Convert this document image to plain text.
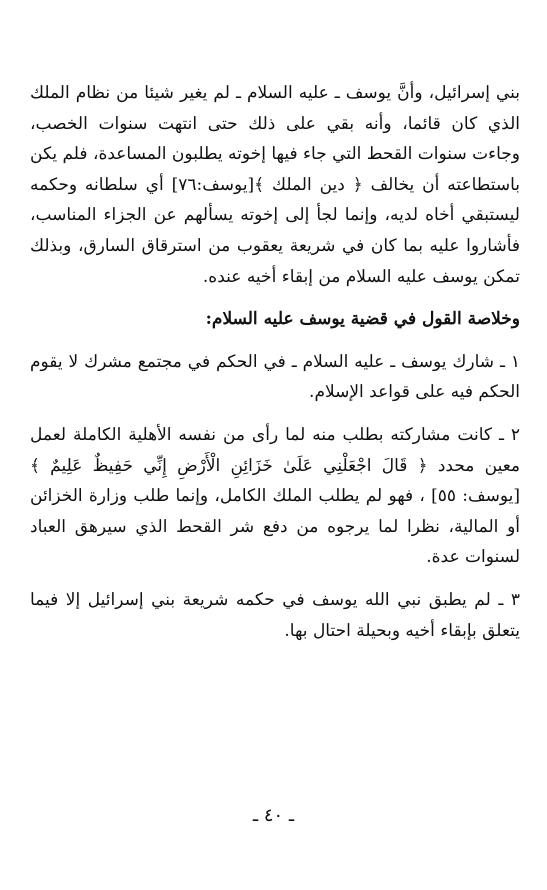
بني إسرائيل، وأنَّ يوسف ـ عليه السلام ـ لم يغير شيئا من نظام الملك الذي كان قائما، وأنه بقي على ذلك حتى انتهت سنوات الخصب، وجاءت سنوات القحط التي جاء فيها إخوته يطلبون المساعدة، فلم يكن باستطاعته أن يخالف ﴿ دين الملك ﴾[يوسف:٧٦] أي سلطانه وحكمه ليستبقي أخاه لديه، وإنما لجأ إلى إخوته يسألهم عن الجزاء المناسب، فأشاروا عليه بما كان في شريعة يعقوب من استرقاق السارق، وبذلك تمكن يوسف عليه السلام من إبقاء أخيه عنده.

وخلاصة القول في قضية يوسف عليه السلام:

١ ـ شارك يوسف ـ عليه السلام ـ في الحكم في مجتمع مشرك لا يقوم الحكم فيه على قواعد الإسلام.

٢ ـ كانت مشاركته بطلب منه لما رأى من نفسه الأهلية الكاملة لعمل معين محدد ﴿ قَالَ اجْعَلْنِي عَلَىٰ خَزَائِنِ الْأَرْضِ إِنِّي حَفِيظٌ عَلِيمٌ ﴾ [يوسف: ٥٥] ، فهو لم يطلب الملك الكامل، وإنما طلب وزارة الخزائن أو المالية، نظرا لما يرجوه من دفع شر القحط الذي سيرهق العباد لسنوات عدة.

٣ ـ لم يطبق نبي الله يوسف في حكمه شريعة بني إسرائيل إلا فيما يتعلق بإبقاء أخيه وبحيلة احتال بها.

ـ ٤٠ ـ
